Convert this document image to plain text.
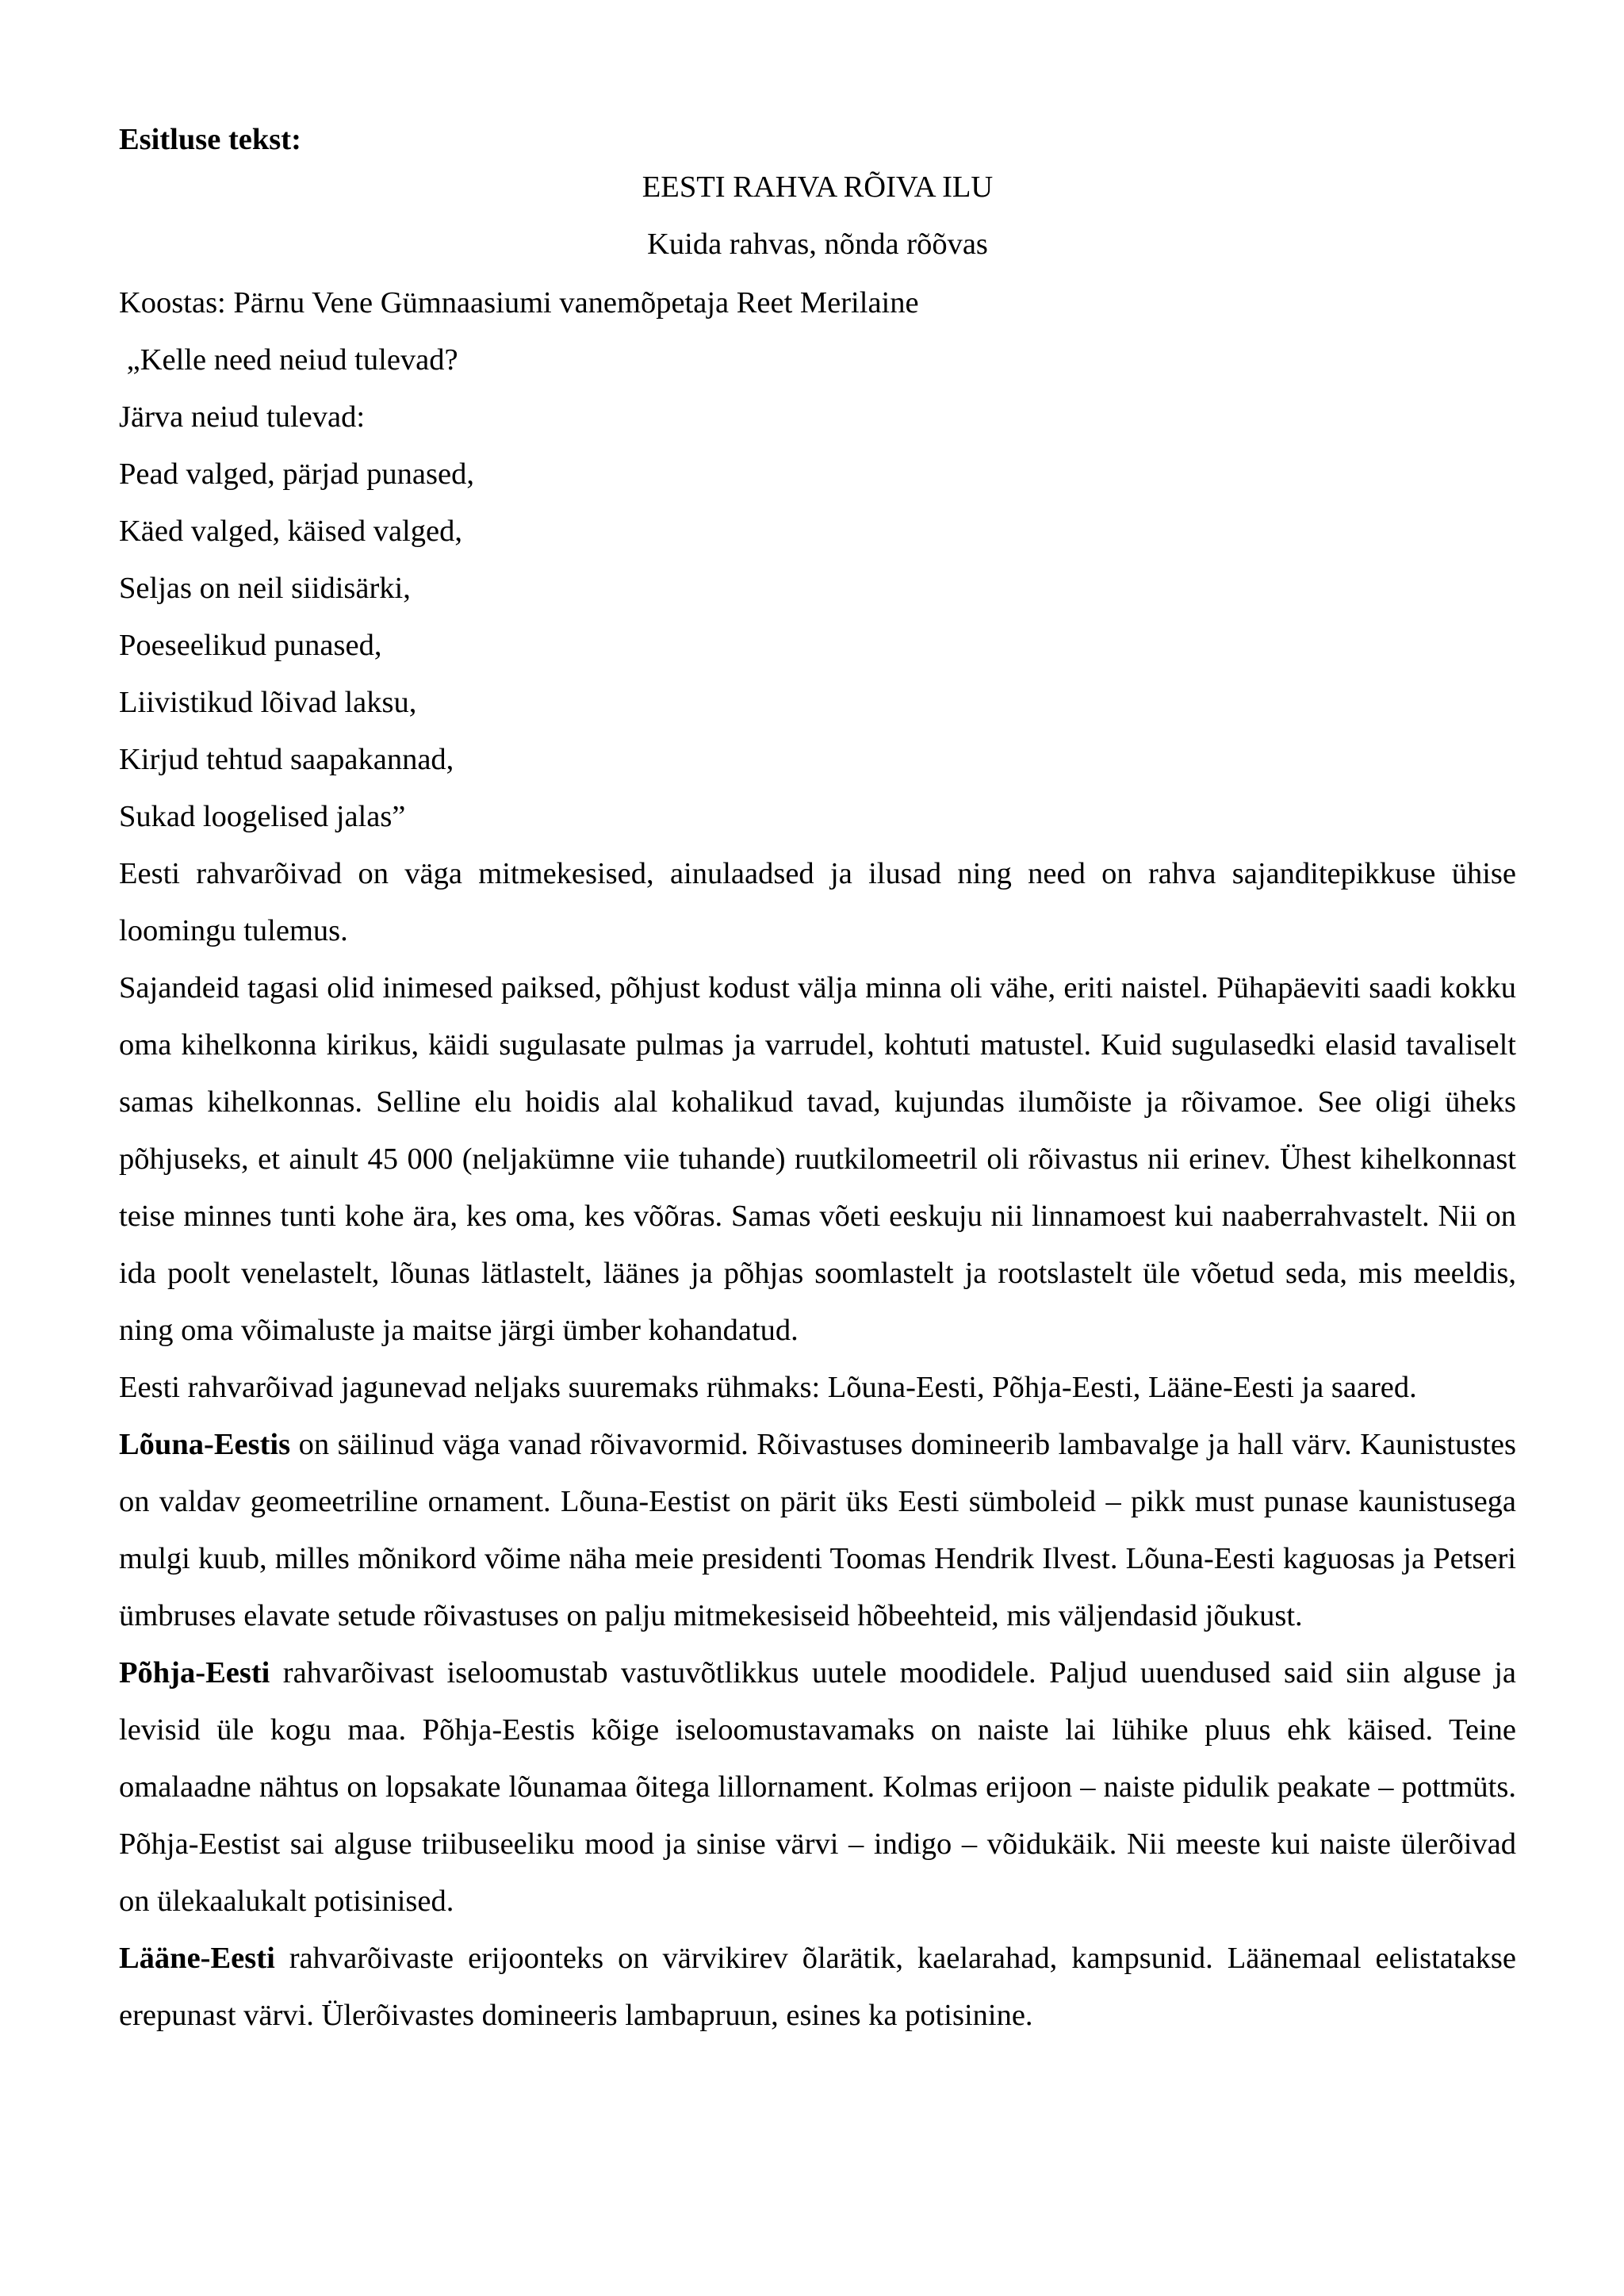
Esitluse tekst:

EESTI RAHVA RÕIVA ILU

Kuida rahvas, nõnda rõõvas

Koostas: Pärnu Vene Gümnaasiumi vanemõpetaja Reet Merilaine

„Kelle need neiud tulevad?

Järva neiud tulevad:

Pead valged, pärjad punased,

Käed valged, käised valged,

Seljas on neil siidisärki,

Poeseelikud punased,

Liivistikud lõivad laksu,

Kirjud tehtud saapakannad,

Sukad loogelised jalas”

Eesti rahvarõivad on väga mitmekesised, ainulaadsed ja ilusad ning need on rahva sajanditepikkuse ühise loomingu tulemus.

Sajandeid tagasi olid inimesed paiksed, põhjust kodust välja minna oli vähe, eriti naistel. Pühapäeviti saadi kokku oma kihelkonna kirikus, käidi sugulasate pulmas ja varrudel, kohtuti matustel. Kuid sugulasedki elasid tavaliselt samas kihelkonnas. Selline elu hoidis alal kohalikud tavad, kujundas ilumõiste ja rõivamoe. See oligi üheks põhjuseks, et ainult 45 000 (neljakümne viie tuhande) ruutkilomeetril oli rõivastus nii erinev. Ühest kihelkonnast teise minnes tunti kohe ära, kes oma, kes võõras. Samas võeti eeskuju nii linnamoest kui naaberrahvastelt. Nii on ida poolt venelastelt, lõunas lätlastelt, läänes ja põhjas soomlastelt ja rootslastelt üle võetud seda, mis meeldis, ning oma võimaluste ja maitse järgi ümber kohandatud.

Eesti rahvarõivad jagunevad neljaks suuremaks rühmaks: Lõuna-Eesti, Põhja-Eesti, Lääne-Eesti ja saared.

Lõuna-Eestis on säilinud väga vanad rõivavormid. Rõivastuses domineerib lambavalge ja hall värv. Kaunistustes on valdav geomeetriline ornament. Lõuna-Eestist on pärit üks Eesti sümboleid – pikk must punase kaunistusega mulgi kuub, milles mõnikord võime näha meie presidenti Toomas Hendrik Ilvest. Lõuna-Eesti kaguosas ja Petseri ümbruses elavate setude rõivastuses on palju mitmekesiseid hõbeehteid, mis väljendasid jõukust.

Põhja-Eesti rahvarõivast iseloomustab vastuvõtlikkus uutele moodidele. Paljud uuendused said siin alguse ja levisid üle kogu maa. Põhja-Eestis kõige iseloomustavamaks on naiste lai lühike pluus ehk käised. Teine omalaadne nähtus on lopsakate lõunamaa õitega lillornament. Kolmas erijoon – naiste pidulik peakate – pottmüts. Põhja-Eestist sai alguse triibuseeliku mood ja sinise värvi – indigo – võidukäik. Nii meeste kui naiste ülerõivad on ülekaalukalt potisinised.

Lääne-Eesti rahvarõivaste erijoonteks on värvikirev õlarätik, kaelarahad, kampsunid. Läänemaal eelistatakse erepunast värvi. Ülerõivastes domineeris lambapruun, esines ka potisinine.
